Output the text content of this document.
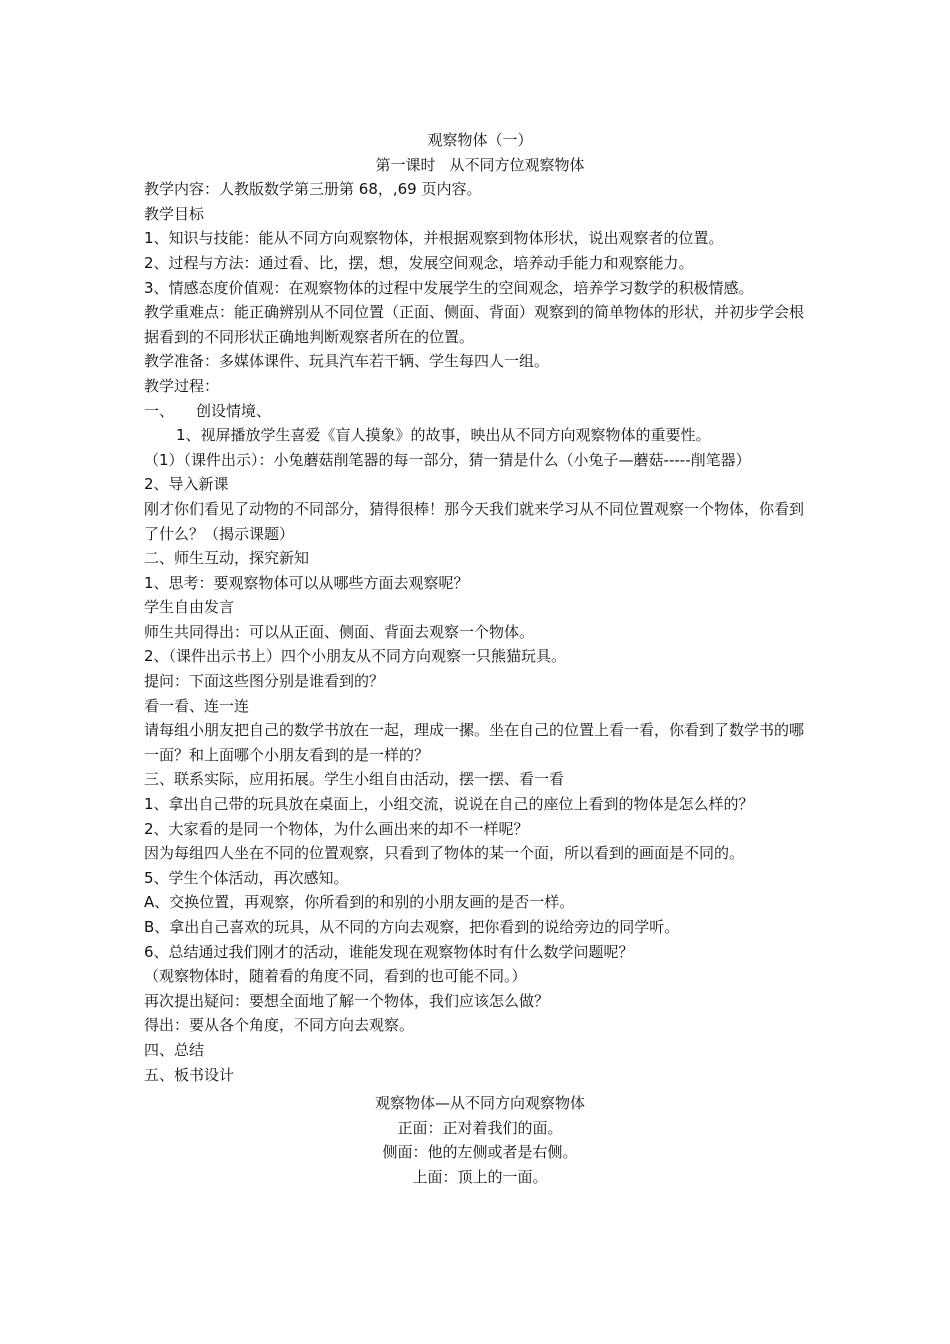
观察物体（一）
第一课时 从不同方位观察物体
教学内容：人教版数学第三册第 68，,69 页内容。
教学目标
1、知识与技能：能从不同方向观察物体，并根据观察到物体形状，说出观察者的位置。
2、过程与方法：通过看、比，摆，想，发展空间观念，培养动手能力和观察能力。
3、情感态度价值观：在观察物体的过程中发展学生的空间观念，培养学习数学的积极情感。
教学重难点：能正确辨别从不同位置（正面、侧面、背面）观察到的简单物体的形状，并初步学会根据看到的不同形状正确地判断观察者所在的位置。
教学准备：多媒体课件、玩具汽车若干辆、学生每四人一组。
教学过程：
一、 创设情境、
1、视屏播放学生喜爱《盲人摸象》的故事，映出从不同方向观察物体的重要性。
（1）（课件出示）：小兔蘑菇削笔器的每一部分，猜一猜是什么（小兔子—蘑菇-----削笔器）
2、导入新课
刚才你们看见了动物的不同部分，猜得很棒！那今天我们就来学习从不同位置观察一个物体，你看到了什么？（揭示课题）
二、师生互动，探究新知
1、思考：要观察物体可以从哪些方面去观察呢？
学生自由发言
师生共同得出：可以从正面、侧面、背面去观察一个物体。
2、（课件出示书上）四个小朋友从不同方向观察一只熊猫玩具。
提问：下面这些图分别是谁看到的？
看一看、连一连
请每组小朋友把自己的数学书放在一起，理成一摞。坐在自己的位置上看一看，你看到了数学书的哪一面？和上面哪个小朋友看到的是一样的？
三、联系实际，应用拓展。学生小组自由活动，摆一摆、看一看
1、拿出自己带的玩具放在桌面上，小组交流，说说在自己的座位上看到的物体是怎么样的？
2、大家看的是同一个物体，为什么画出来的却不一样呢？
因为每组四人坐在不同的位置观察，只看到了物体的某一个面，所以看到的画面是不同的。
5、学生个体活动，再次感知。
A、交换位置，再观察，你所看到的和别的小朋友画的是否一样。
B、拿出自己喜欢的玩具，从不同的方向去观察，把你看到的说给旁边的同学听。
6、总结通过我们刚才的活动，谁能发现在观察物体时有什么数学问题呢？
（观察物体时，随着看的角度不同，看到的也可能不同。）
再次提出疑问：要想全面地了解一个物体，我们应该怎么做？
得出：要从各个角度，不同方向去观察。
四、总结
五、板书设计
观察物体—从不同方向观察物体
正面：正对着我们的面。
侧面：他的左侧或者是右侧。
上面：顶上的一面。
